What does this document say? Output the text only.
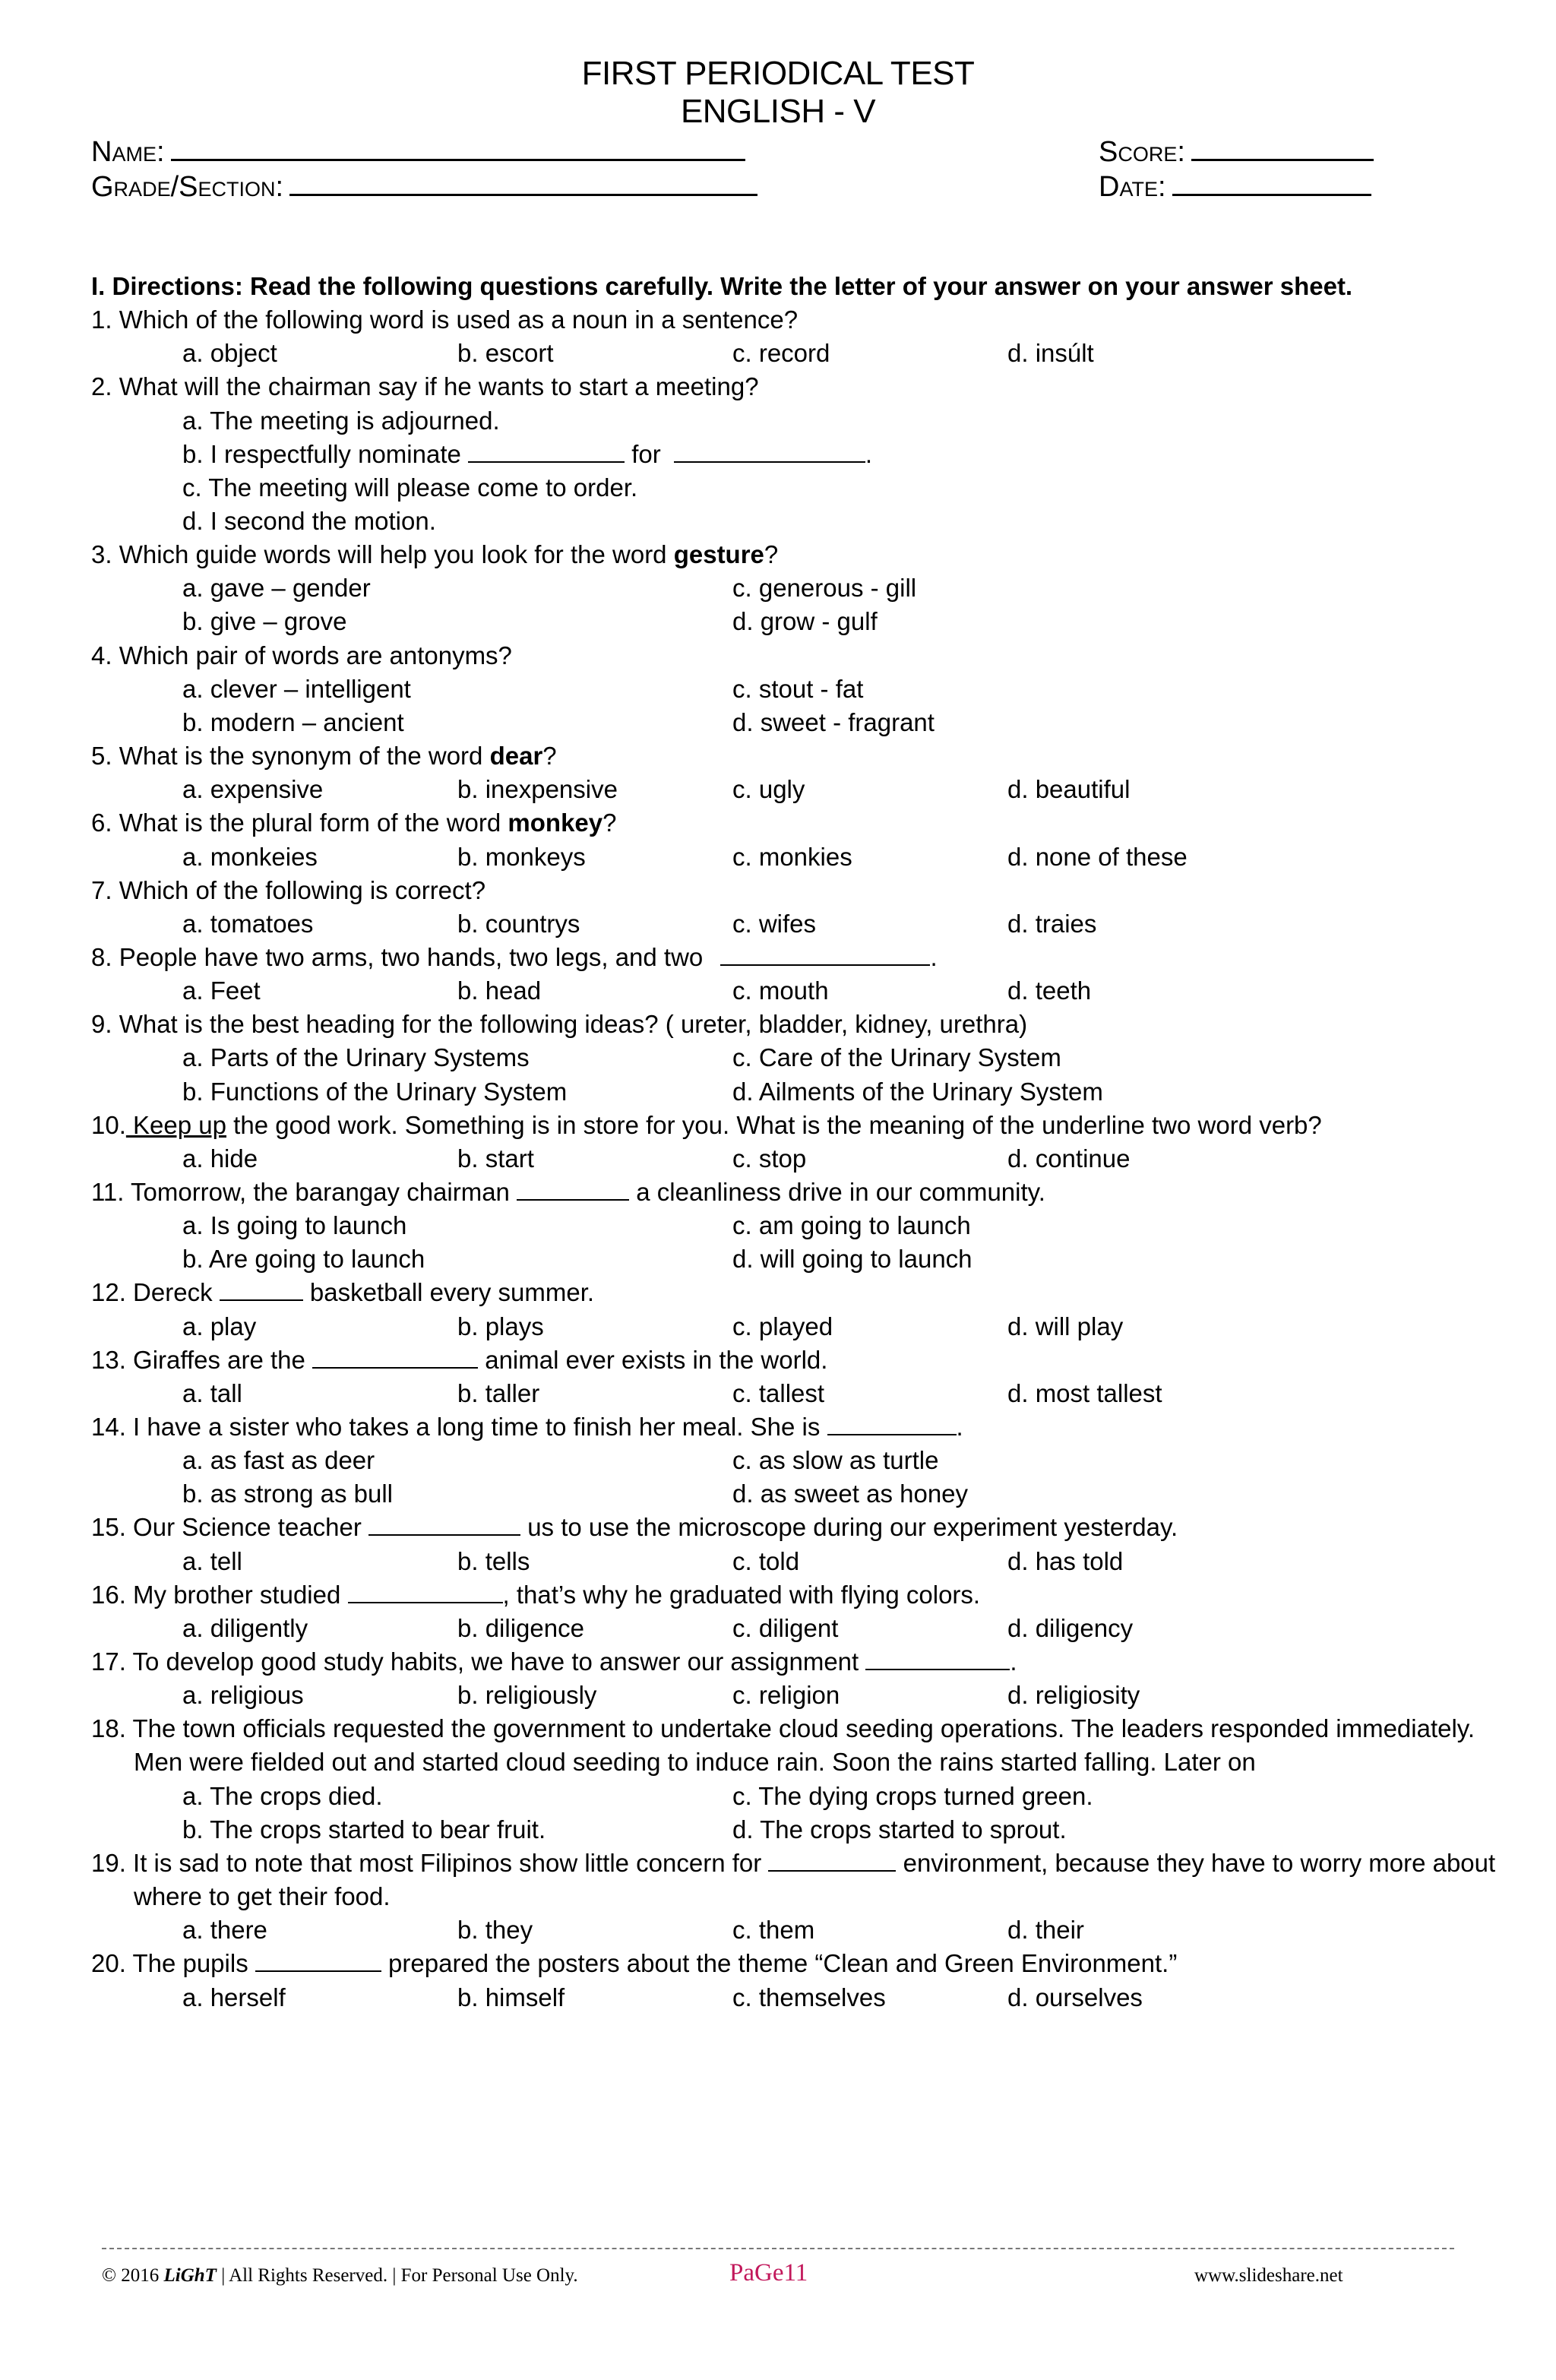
FIRST PERIODICAL TEST
ENGLISH - V
Name:
Grade/Section:
Score:
Date:
I. Directions: Read the following questions carefully. Write the letter of your answer on your answer sheet.
1. Which of the following word is used as a noun in a sentence?
a. object	b. escort	c. record	d. insúlt
2. What will the chairman say if he wants to start a meeting?
a. The meeting is adjourned.
b. I respectfully nominate	for	.
c. The meeting will please come to order.
d. I second the motion.
3. Which guide words will help you look for the word gesture?
a. gave – gender	c. generous - gill
b. give – grove	d. grow - gulf
4. Which pair of words are antonyms?
a. clever – intelligent	c. stout - fat
b. modern – ancient	d. sweet - fragrant
5. What is the synonym of the word dear?
a. expensive	b. inexpensive	c. ugly	d. beautiful
6. What is the plural form of the word monkey?
a. monkeies	b. monkeys	c. monkies	d. none of these
7. Which of the following is correct?
a. tomatoes	b. countrys	c. wifes	d. traies
8. People have two arms, two hands, two legs, and two	.
a. Feet	b. head	c. mouth	d. teeth
9. What is the best heading for the following ideas? ( ureter, bladder, kidney, urethra)
a. Parts of the Urinary Systems	c. Care of the Urinary System
b. Functions of the Urinary System	d. Ailments of the Urinary System
10. Keep up the good work. Something is in store for you. What is the meaning of the underline two word verb?
a. hide	b. start	c. stop	d. continue
11. Tomorrow, the barangay chairman	a cleanliness drive in our community.
a. Is going to launch	c. am going to launch
b. Are going to launch	d. will going to launch
12. Dereck	basketball every summer.
a. play	b. plays	c. played	d. will play
13. Giraffes are the	animal ever exists in the world.
a. tall	b. taller	c. tallest	d. most tallest
14. I have a sister who takes a long time to finish her meal. She is	.
a. as fast as deer	c. as slow as turtle
b. as strong as bull	d. as sweet as honey
15. Our Science teacher	us to use the microscope during our experiment yesterday.
a. tell	b. tells	c. told	d. has told
16. My brother studied	, that’s why he graduated with flying colors.
a. diligently	b. diligence	c. diligent	d. diligency
17. To develop good study habits, we have to answer our assignment	.
a. religious	b. religiously	c. religion	d. religiosity
18. The town officials requested the government to undertake cloud seeding operations. The leaders responded immediately. Men were fielded out and started cloud seeding to induce rain. Soon the rains started falling. Later on
a. The crops died.	c. The dying crops turned green.
b. The crops started to bear fruit.	d. The crops started to sprout.
19. It is sad to note that most Filipinos show little concern for	environment, because they have to worry more about where to get their food.
a. there	b. they	c. them	d. their
20. The pupils	prepared the posters about the theme “Clean and Green Environment.”
a. herself	b. himself	c. themselves	d. ourselves
© 2016 LiGhT | All Rights Reserved. | For Personal Use Only.	PaGe11	www.slideshare.net
